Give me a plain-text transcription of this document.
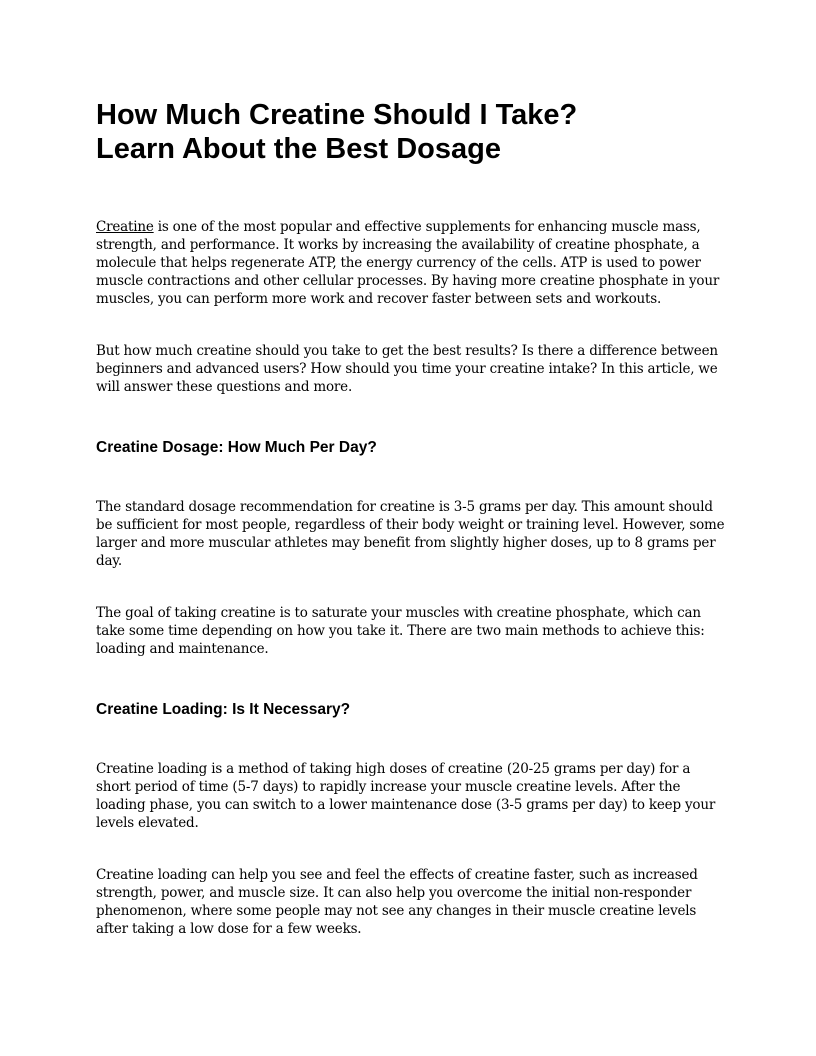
How Much Creatine Should I Take?
Learn About the Best Dosage

Creatine is one of the most popular and effective supplements for enhancing muscle mass, strength, and performance. It works by increasing the availability of creatine phosphate, a molecule that helps regenerate ATP, the energy currency of the cells. ATP is used to power muscle contractions and other cellular processes. By having more creatine phosphate in your muscles, you can perform more work and recover faster between sets and workouts.

But how much creatine should you take to get the best results? Is there a difference between beginners and advanced users? How should you time your creatine intake? In this article, we will answer these questions and more.

Creatine Dosage: How Much Per Day?

The standard dosage recommendation for creatine is 3-5 grams per day. This amount should be sufficient for most people, regardless of their body weight or training level. However, some larger and more muscular athletes may benefit from slightly higher doses, up to 8 grams per day.

The goal of taking creatine is to saturate your muscles with creatine phosphate, which can take some time depending on how you take it. There are two main methods to achieve this: loading and maintenance.

Creatine Loading: Is It Necessary?

Creatine loading is a method of taking high doses of creatine (20-25 grams per day) for a short period of time (5-7 days) to rapidly increase your muscle creatine levels. After the loading phase, you can switch to a lower maintenance dose (3-5 grams per day) to keep your levels elevated.

Creatine loading can help you see and feel the effects of creatine faster, such as increased strength, power, and muscle size. It can also help you overcome the initial non-responder phenomenon, where some people may not see any changes in their muscle creatine levels after taking a low dose for a few weeks.
